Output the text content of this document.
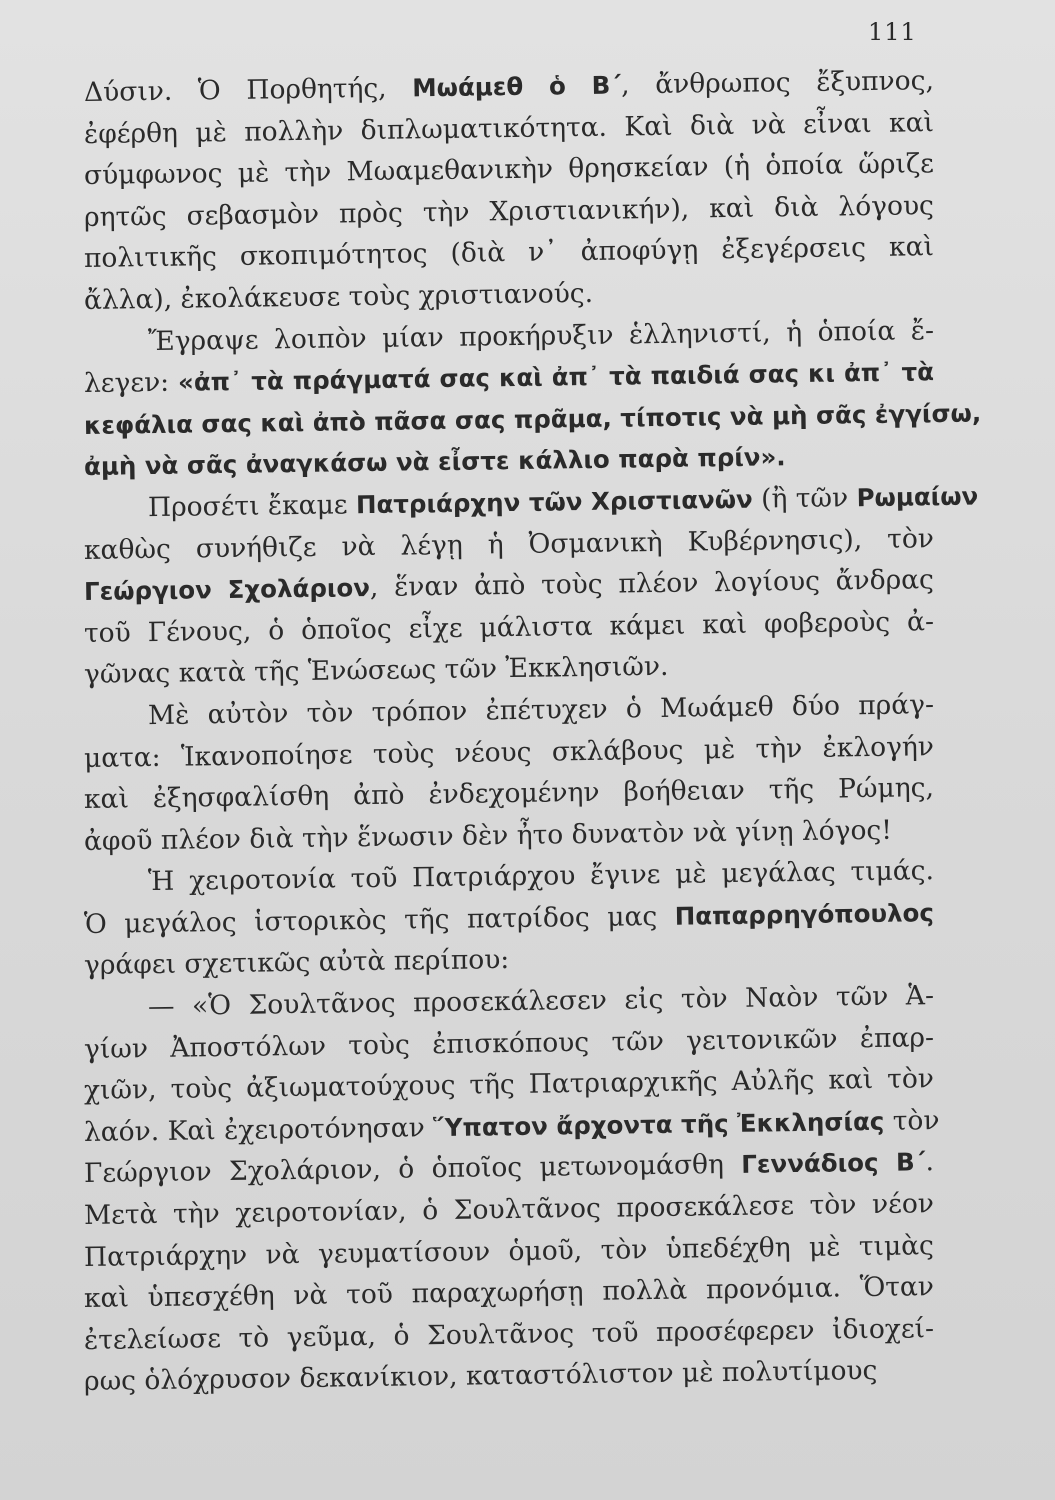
111
Δύσιν. Ὁ Πορθητής, Μωάμεθ ὁ Β΄, ἄνθρωπος ἔξυπνος,
ἐφέρθη μὲ πολλὴν διπλωματικότητα. Καὶ διὰ νὰ εἶναι καὶ
σύμφωνος μὲ τὴν Μωαμεθανικὴν θρησκείαν (ἡ ὁποία ὥριζε
ρητῶς σεβασμὸν πρὸς τὴν Χριστιανικήν), καὶ διὰ λόγους
πολιτικῆς σκοπιμότητος (διὰ ν᾿ ἀποφύγῃ ἐξεγέρσεις καὶ
ἄλλα), ἐκολάκευσε τοὺς χριστιανούς.
Ἔγραψε λοιπὸν μίαν προκήρυξιν ἑλληνιστί, ἡ ὁποία ἔ-
λεγεν: «ἀπ᾿ τὰ πράγματά σας καὶ ἀπ᾿ τὰ παιδιά σας κι ἀπ᾿ τὰ
κεφάλια σας καὶ ἀπὸ πᾶσα σας πρᾶμα, τίποτις νὰ μὴ σᾶς ἐγγίσω,
ἀμὴ νὰ σᾶς ἀναγκάσω νὰ εἶστε κάλλιο παρὰ πρίν».
Προσέτι ἔκαμε Πατριάρχην τῶν Χριστιανῶν (ἢ τῶν Ρωμαίων
καθὼς συνήθιζε νὰ λέγῃ ἡ Ὀσμανικὴ Κυβέρνησις), τὸν
Γεώργιον Σχολάριον, ἕναν ἀπὸ τοὺς πλέον λογίους ἄνδρας
τοῦ Γένους, ὁ ὁποῖος εἶχε μάλιστα κάμει καὶ φοβεροὺς ἀ-
γῶνας κατὰ τῆς Ἑνώσεως τῶν Ἐκκλησιῶν.
Μὲ αὐτὸν τὸν τρόπον ἐπέτυχεν ὁ Μωάμεθ δύο πράγ-
ματα: Ἱκανοποίησε τοὺς νέους σκλάβους μὲ τὴν ἐκλογήν
καὶ ἐξησφαλίσθη ἀπὸ ἐνδεχομένην βοήθειαν τῆς Ρώμης,
ἀφοῦ πλέον διὰ τὴν ἕνωσιν δὲν ἦτο δυνατὸν νὰ γίνῃ λόγος!
Ἡ χειροτονία τοῦ Πατριάρχου ἔγινε μὲ μεγάλας τιμάς.
Ὁ μεγάλος ἱστορικὸς τῆς πατρίδος μας Παπαρρηγόπουλος
γράφει σχετικῶς αὐτὰ περίπου:
— «Ὁ Σουλτᾶνος προσεκάλεσεν εἰς τὸν Ναὸν τῶν Ἁ-
γίων Ἀποστόλων τοὺς ἐπισκόπους τῶν γειτονικῶν ἐπαρ-
χιῶν, τοὺς ἀξιωματούχους τῆς Πατριαρχικῆς Αὐλῆς καὶ τὸν
λαόν. Καὶ ἐχειροτόνησαν Ὕπατον ἄρχοντα τῆς Ἐκκλησίας τὸν
Γεώργιον Σχολάριον, ὁ ὁποῖος μετωνομάσθη Γεννάδιος Β΄.
Μετὰ τὴν χειροτονίαν, ὁ Σουλτᾶνος προσεκάλεσε τὸν νέον
Πατριάρχην νὰ γευματίσουν ὁμοῦ, τὸν ὑπεδέχθη μὲ τιμὰς
καὶ ὑπεσχέθη νὰ τοῦ παραχωρήσῃ πολλὰ προνόμια. Ὅταν
ἐτελείωσε τὸ γεῦμα, ὁ Σουλτᾶνος τοῦ προσέφερεν ἰδιοχεί-
ρως ὁλόχρυσον δεκανίκιον, καταστόλιστον μὲ πολυτίμους
